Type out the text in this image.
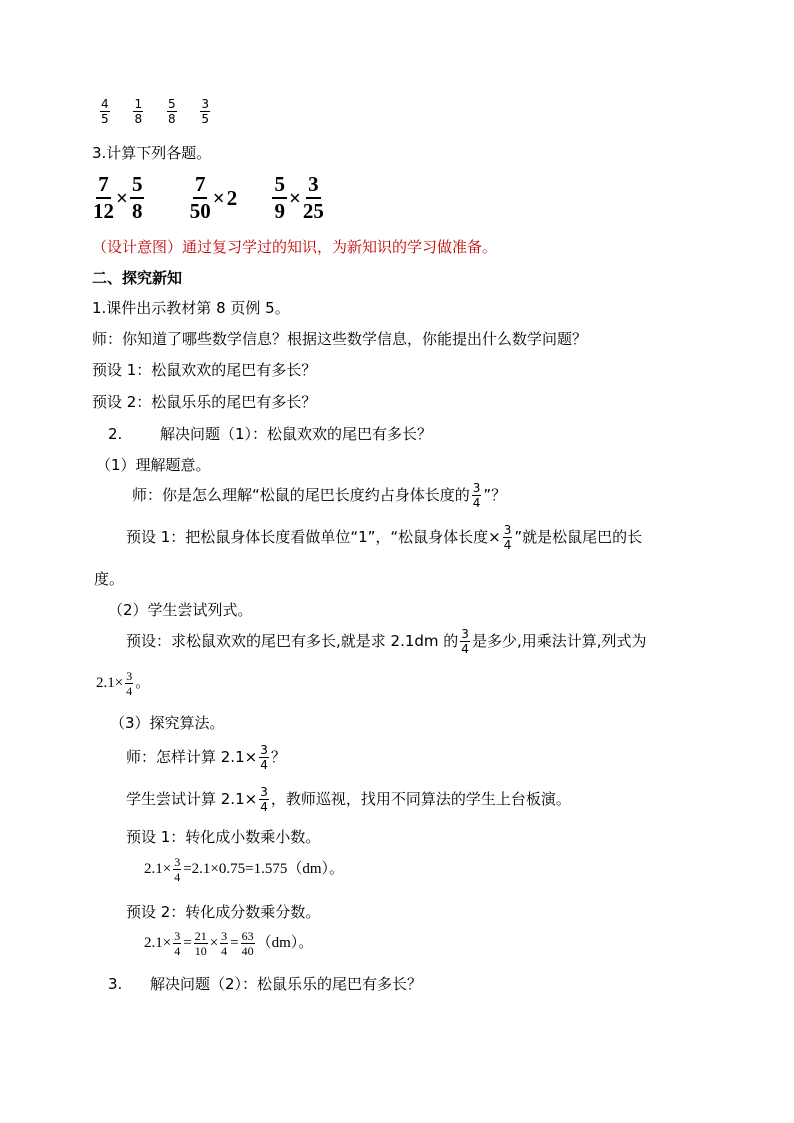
$\frac{4}{5}$
$\frac{1}{8}$
$\frac{5}{8}$
$\frac{3}{5}$
3.计算下列各题。
$\frac{7}{12} \times \frac{5}{8}$
$\frac{7}{50} \times 2$
$\frac{5}{9} \times \frac{3}{25}$
（设计意图）通过复习学过的知识，为新知识的学习做准备。
二、探究新知
1.课件出示教材第 8 页例 5。
师：你知道了哪些数学信息？根据这些数学信息，你能提出什么数学问题？
预设 1：松鼠欢欢的尾巴有多长？
预设 2：松鼠乐乐的尾巴有多长？
2.	解决问题（1）：松鼠欢欢的尾巴有多长？
（1）理解题意。
师：你是怎么理解“松鼠的尾巴长度约占身体长度的 $\frac{3}{4}$ ”？
预设 1：把松鼠身体长度看做单位“1”，“松鼠身体长度× $\frac{3}{4}$ ”就是松鼠尾巴的长
度。
（2）学生尝试列式。
预设：求松鼠欢欢的尾巴有多长,就是求 2.1dm 的 $\frac{3}{4}$ 是多少,用乘法计算,列式为
$2.1\times \frac{3}{4}$ 。
（3）探究算法。
师：怎样计算 $2.1\times \frac{3}{4}$ ？
学生尝试计算 $2.1\times \frac{3}{4}$ ，教师巡视，找用不同算法的学生上台板演。
预设 1：转化成小数乘小数。
$2.1\times \frac{3}{4} =2.1\times 0.75=1.575(dm)$。
预设 2：转化成分数乘分数。
$2.1\times \frac{3}{4} = \frac{21}{10} \times \frac{3}{4} = \frac{63}{40} (dm)$。
3. 解决问题（2）：松鼠乐乐的尾巴有多长？
